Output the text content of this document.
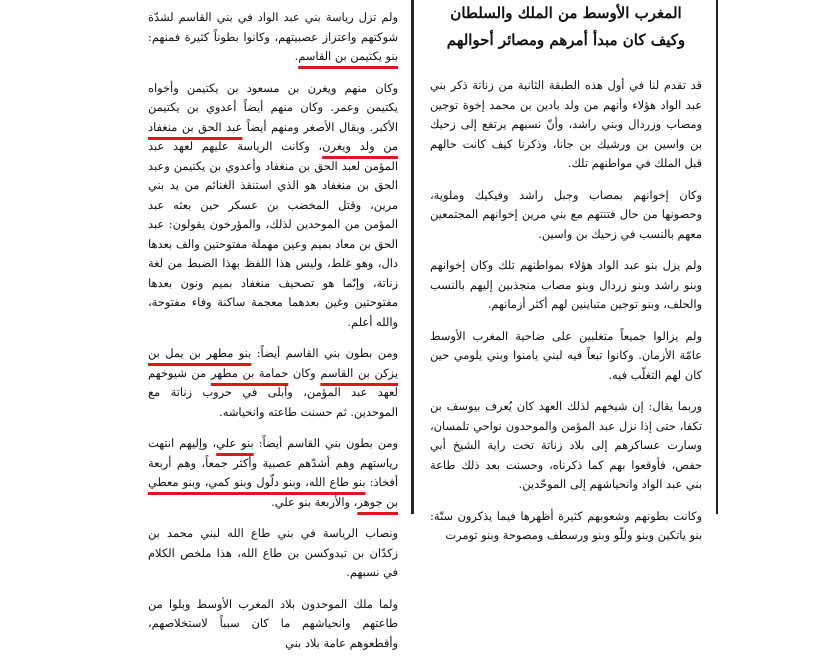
ولم تزل رياسة بني عبد الواد في بني القاسم لشدّة شوكتهم واعتزاز عصبيتهم، وكانوا بطوناً كثيرة فمنهم: بنو يكتيمن بن القاسم.

وكان منهم ويغرن بن مسعود بن يكتيمن وأخواه يكتيمن وعمر. وكان منهم أيضاً أعدوي بن يكتيمن الأكبر. ويقال الأصغر ومنهم أيضاً عبد الحق بن منغفاد من ولد ويغرن، وكانت الرياسة عليهم لعهد عبد المؤمن لعبد الحق بن منغفاد وأعدوي بن يكتيمن وعبد الحق بن منغفاد هو الذي استنقذ الغنائم من يد بني مرين، وقتل المخضب بن عسكر حين بعثه عبد المؤمن من الموحدين لذلك، والمؤرخون يقولون: عبد الحق بن معاد بميم وعين مهملة مفتوحتين والف بعدها دال، وهو غلط، وليس هذا اللفظ بهذا الضبط من لغة زناتة، وإنّما هو تصحيف منغفاد بميم ونون بعدها مفتوحتين وغين بعدهما معجمة ساكنة وفاء مفتوحة، والله أعلم.

ومن بطون بني القاسم أيضاً: بنو مطهر بن يمل بن يزكن بن القاسم وكان حمامة بن مطهر من شيوخهم لعهد عبد المؤمن، وأبلى في حروب زناتة مع الموحدين. ثم حسنت طاعته وانحياشه.

ومن بطون بني القاسم أيضاً: بنو علي، وإليهم انتهت رياستهم وهم أشدّهم عصبية وأكثر جمعاً، وهم أربعة أفخاذ: بنو طاع الله، وبنو دلّول وبنو كمي، وبنو معطي بن جوهر، والأربعة بنو علي.

ونصاب الرياسة في بني طاع الله لبني محمد بن زكدّان بن تيدوكسن بن طاع الله، هذا ملخص الكلام في نسبهم.

ولما ملك الموحدون بلاد المغرب الأوسط وبلوا من طاعتهم وانحياشهم ما كان سبباً لاستخلاصهم، وأقطعوهم عامة بلاد بني

المغرب الأوسط من الملك والسلطان
وكيف كان مبدأ أمرهم ومصائر أحوالهم

قد تقدم لنا في أول هذه الطبقة الثانية من زناتة ذكر بني عبد الواد هؤلاء وأنهم من ولد بادين بن محمد إخوة توجين ومصاب وزردال وبني راشد، وأنّ نسبهم يرتفع إلى زحيك بن واسين بن ورشيك بن جانا، وذكرنا كيف كانت حالهم قبل الملك في مواطنهم تلك.

وكان إخوانهم بمصاب وجبل راشد وفيكيك وملوية، وحصونها من حال فتنتهم مع بني مرين إخوانهم المجتمعين معهم بالنسب في زحيك بن واسين.

ولم يزل بنو عبد الواد هؤلاء بمواطنهم تلك وكان إخوانهم وبنو راشد وبنو زردال وبنو مصاب منجذبين إليهم بالنسب والحلف، وبنو توجين متباينين لهم أكثر أزمانهم.

ولم يزالوا جميعاً متغلبين على ضاحية المغرب الأوسط عامّة الأزمان. وكانوا تبعاً فيه لبني يامنوا وبني يلومي حين كان لهم التغلّب فيه.

وربما يقال: إن شيخهم لذلك العهد كان يُعرف بيوسف بن تكفا، حتى إذا نزل عبد المؤمن والموحدون نواحي تلمسان، وسارت عساكرهم إلى بلاد زناتة تحت راية الشيخ أبي حفص، فأوقعوا بهم كما ذكرناه، وحسنت بعد ذلك طاعة بني عبد الواد وانحياشهم إلى الموحّدين.

وكانت بطونهم وشعوبهم كثيرة أظهرها فيما يذكرون ستّة: بنو ياتكين وبنو وللّو وبنو ورسطف ومصوحة وبنو تومرت
